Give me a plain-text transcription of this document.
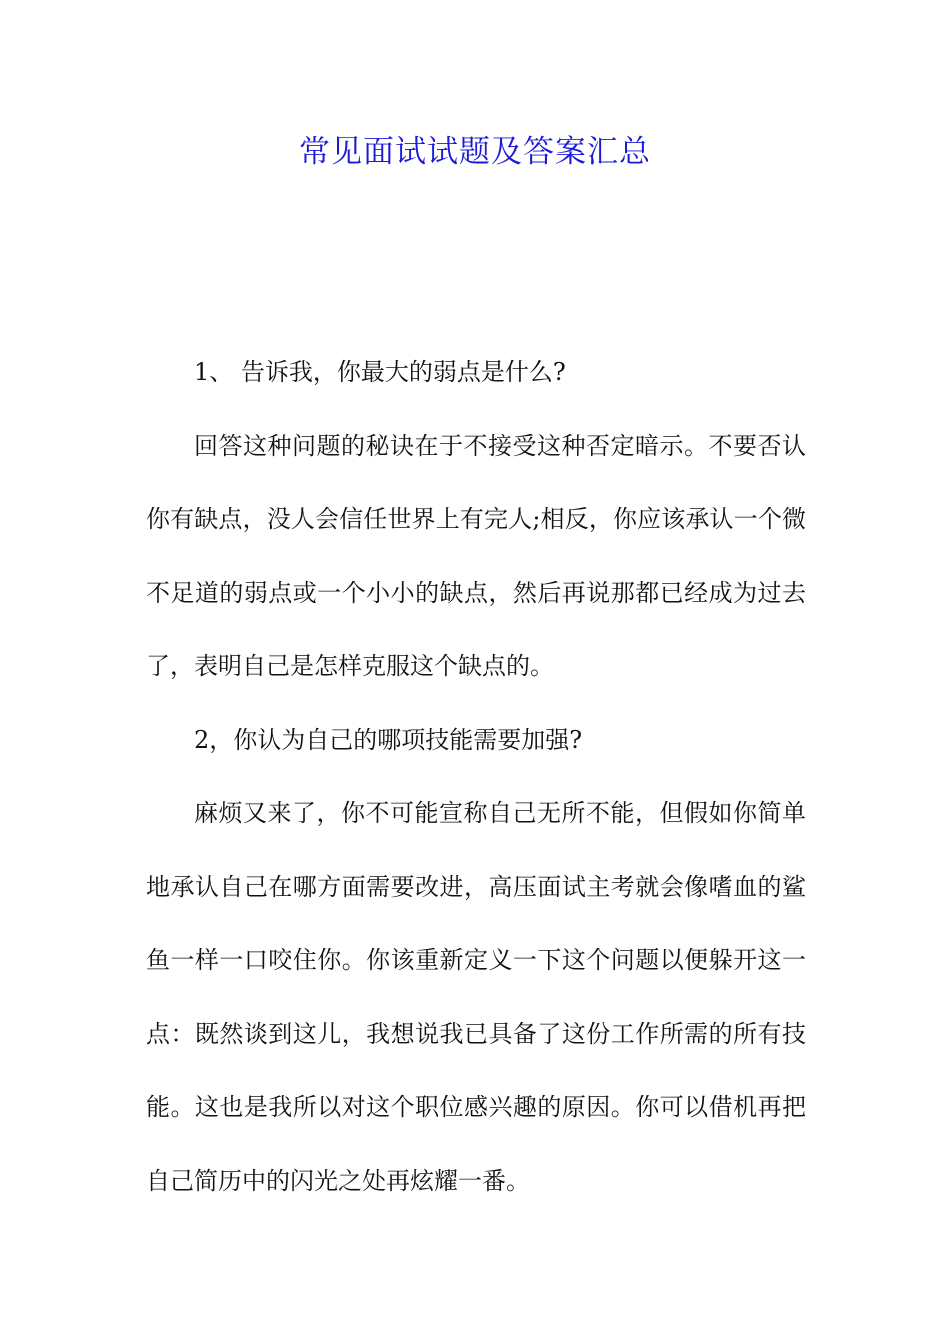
常见面试试题及答案汇总

1、 告诉我，你最大的弱点是什么?

回答这种问题的秘诀在于不接受这种否定暗示。不要否认你有缺点，没人会信任世界上有完人;相反，你应该承认一个微不足道的弱点或一个小小的缺点，然后再说那都已经成为过去了，表明自己是怎样克服这个缺点的。

2，你认为自己的哪项技能需要加强?

麻烦又来了，你不可能宣称自己无所不能，但假如你简单地承认自己在哪方面需要改进，高压面试主考就会像嗜血的鲨鱼一样一口咬住你。你该重新定义一下这个问题以便躲开这一点：既然谈到这儿，我想说我已具备了这份工作所需的所有技能。这也是我所以对这个职位感兴趣的原因。你可以借机再把自己简历中的闪光之处再炫耀一番。
